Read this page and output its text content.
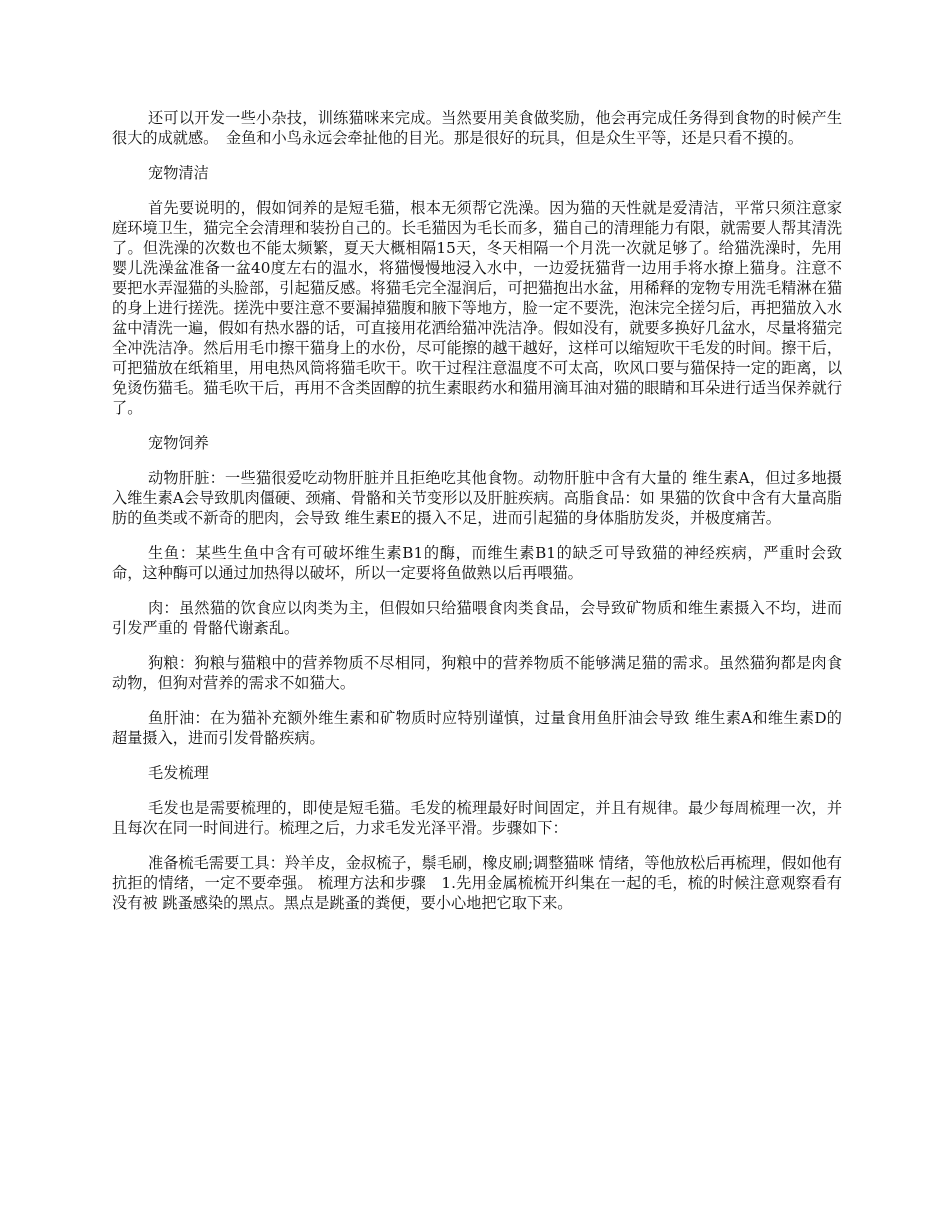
还可以开发一些小杂技，训练猫咪来完成。当然要用美食做奖励，他会再完成任务得到食物的时候产生很大的成就感。　金鱼和小鸟永远会牵扯他的目光。那是很好的玩具，但是众生平等，还是只看不摸的。

宠物清洁

首先要说明的，假如饲养的是短毛猫，根本无须帮它洗澡。因为猫的天性就是爱清洁，平常只须注意家庭环境卫生，猫完全会清理和装扮自己的。长毛猫因为毛长而多，猫自己的清理能力有限，就需要人帮其清洗了。但洗澡的次数也不能太频繁，夏天大概相隔15天，冬天相隔一个月洗一次就足够了。给猫洗澡时，先用婴儿洗澡盆准备一盆40度左右的温水，将猫慢慢地浸入水中，一边爱抚猫背一边用手将水撩上猫身。注意不要把水弄湿猫的头脸部，引起猫反感。将猫毛完全湿润后，可把猫抱出水盆，用稀释的宠物专用洗毛精淋在猫的身上进行搓洗。搓洗中要注意不要漏掉猫腹和腋下等地方，脸一定不要洗，泡沫完全搓匀后，再把猫放入水盆中清洗一遍，假如有热水器的话，可直接用花洒给猫冲洗洁净。假如没有，就要多换好几盆水，尽量将猫完全冲洗洁净。然后用毛巾擦干猫身上的水份，尽可能擦的越干越好，这样可以缩短吹干毛发的时间。擦干后，可把猫放在纸箱里，用电热风筒将猫毛吹干。吹干过程注意温度不可太高，吹风口要与猫保持一定的距离，以免烫伤猫毛。猫毛吹干后，再用不含类固醇的抗生素眼药水和猫用滴耳油对猫的眼睛和耳朵进行适当保养就行了。

宠物饲养

动物肝脏：一些猫很爱吃动物肝脏并且拒绝吃其他食物。动物肝脏中含有大量的 维生素A，但过多地摄入维生素A会导致肌肉僵硬、颈痛、骨骼和关节变形以及肝脏疾病。高脂食品：如 果猫的饮食中含有大量高脂肪的鱼类或不新奇的肥肉，会导致 维生素E的摄入不足，进而引起猫的身体脂肪发炎，并极度痛苦。

生鱼：某些生鱼中含有可破坏维生素B1的酶，而维生素B1的缺乏可导致猫的神经疾病，严重时会致命，这种酶可以通过加热得以破坏，所以一定要将鱼做熟以后再喂猫。

肉：虽然猫的饮食应以肉类为主，但假如只给猫喂食肉类食品，会导致矿物质和维生素摄入不均，进而引发严重的 骨骼代谢紊乱。

狗粮：狗粮与猫粮中的营养物质不尽相同，狗粮中的营养物质不能够满足猫的需求。虽然猫狗都是肉食动物，但狗对营养的需求不如猫大。

鱼肝油：在为猫补充额外维生素和矿物质时应特别谨慎，过量食用鱼肝油会导致 维生素A和维生素D的超量摄入，进而引发骨骼疾病。

毛发梳理

毛发也是需要梳理的，即使是短毛猫。毛发的梳理最好时间固定，并且有规律。最少每周梳理一次，并且每次在同一时间进行。梳理之后，力求毛发光泽平滑。步骤如下：

准备梳毛需要工具：羚羊皮，金叔梳子，鬃毛刷，橡皮刷;调整猫咪 情绪，等他放松后再梳理，假如他有抗拒的情绪，一定不要牵强。 梳理方法和步骤　1.先用金属梳梳开纠集在一起的毛，梳的时候注意观察看有没有被 跳蚤感染的黑点。黑点是跳蚤的粪便，要小心地把它取下来。
